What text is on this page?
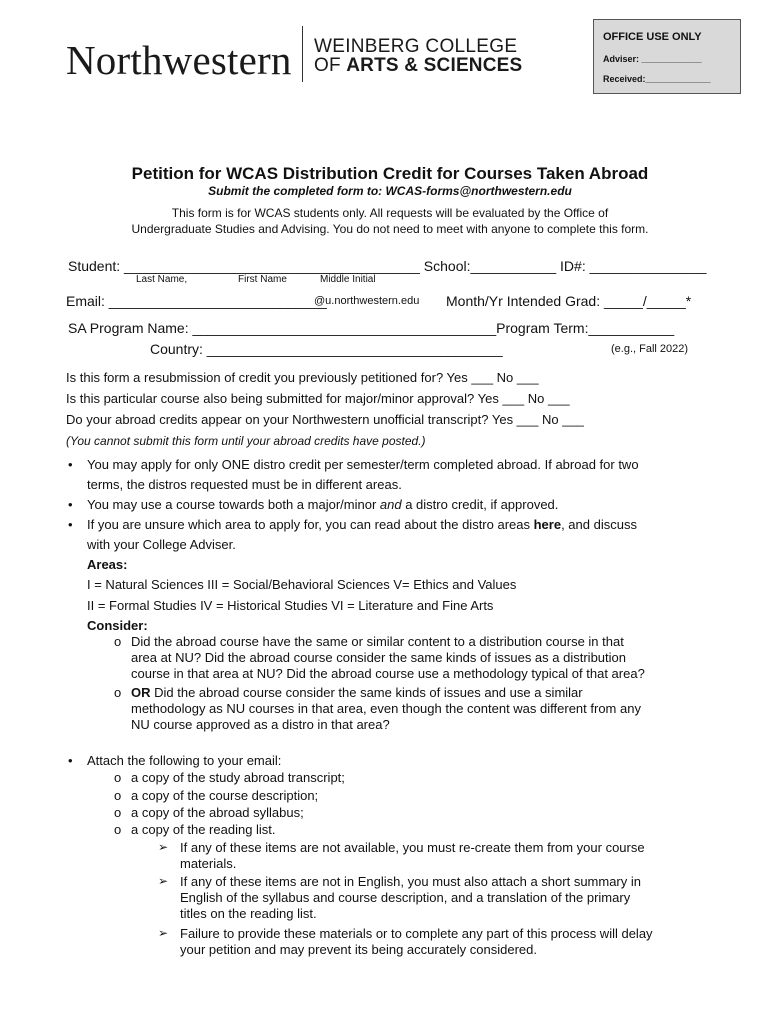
Northwestern WEINBERG COLLEGE
OF ARTS & SCIENCES
OFFICE USE ONLY
Adviser: ____________
Received:_____________
Petition for WCAS Distribution Credit for Courses Taken Abroad
Submit the completed form to: WCAS-forms@northwestern.edu
This form is for WCAS students only. All requests will be evaluated by the Office of
Undergraduate Studies and Advising. You do not need to meet with anyone to complete this form.
Student: ______________________________________ School:___________ ID#: _______________
Last Name,	First Name	Middle Initial
Email: ____________________________
@u.northwestern.edu Month/Yr Intended Grad: _____/_____*
SA Program Name: _______________________________________Program Term:___________
Country: ______________________________________	(e.g., Fall 2022)
Is this form a resubmission of credit you previously petitioned for? Yes ___ No ___
Is this particular course also being submitted for major/minor approval? Yes ___ No ___
Do your abroad credits appear on your Northwestern unofficial transcript? Yes ___ No ___
(You cannot submit this form until your abroad credits have posted.)
• You may apply for only ONE distro credit per semester/term completed abroad. If abroad for two
terms, the distros requested must be in different areas.
• You may use a course towards both a major/minor and a distro credit, if approved.
• If you are unsure which area to apply for, you can read about the distro areas here, and discuss
with your College Adviser.
Areas:
I = Natural Sciences III = Social/Behavioral Sciences V= Ethics and Values
II = Formal Studies IV = Historical Studies VI = Literature and Fine Arts
Consider:
o Did the abroad course have the same or similar content to a distribution course in that
area at NU? Did the abroad course consider the same kinds of issues as a distribution
course in that area at NU? Did the abroad course use a methodology typical of that area?
o OR Did the abroad course consider the same kinds of issues and use a similar
methodology as NU courses in that area, even though the content was different from any
NU course approved as a distro in that area?
• Attach the following to your email:
o a copy of the study abroad transcript;
o a copy of the course description;
o a copy of the abroad syllabus;
o a copy of the reading list.
➢ If any of these items are not available, you must re-create them from your course
materials.
➢ If any of these items are not in English, you must also attach a short summary in
English of the syllabus and course description, and a translation of the primary
titles on the reading list.
➢ Failure to provide these materials or to complete any part of this process will delay
your petition and may prevent its being accurately considered.
